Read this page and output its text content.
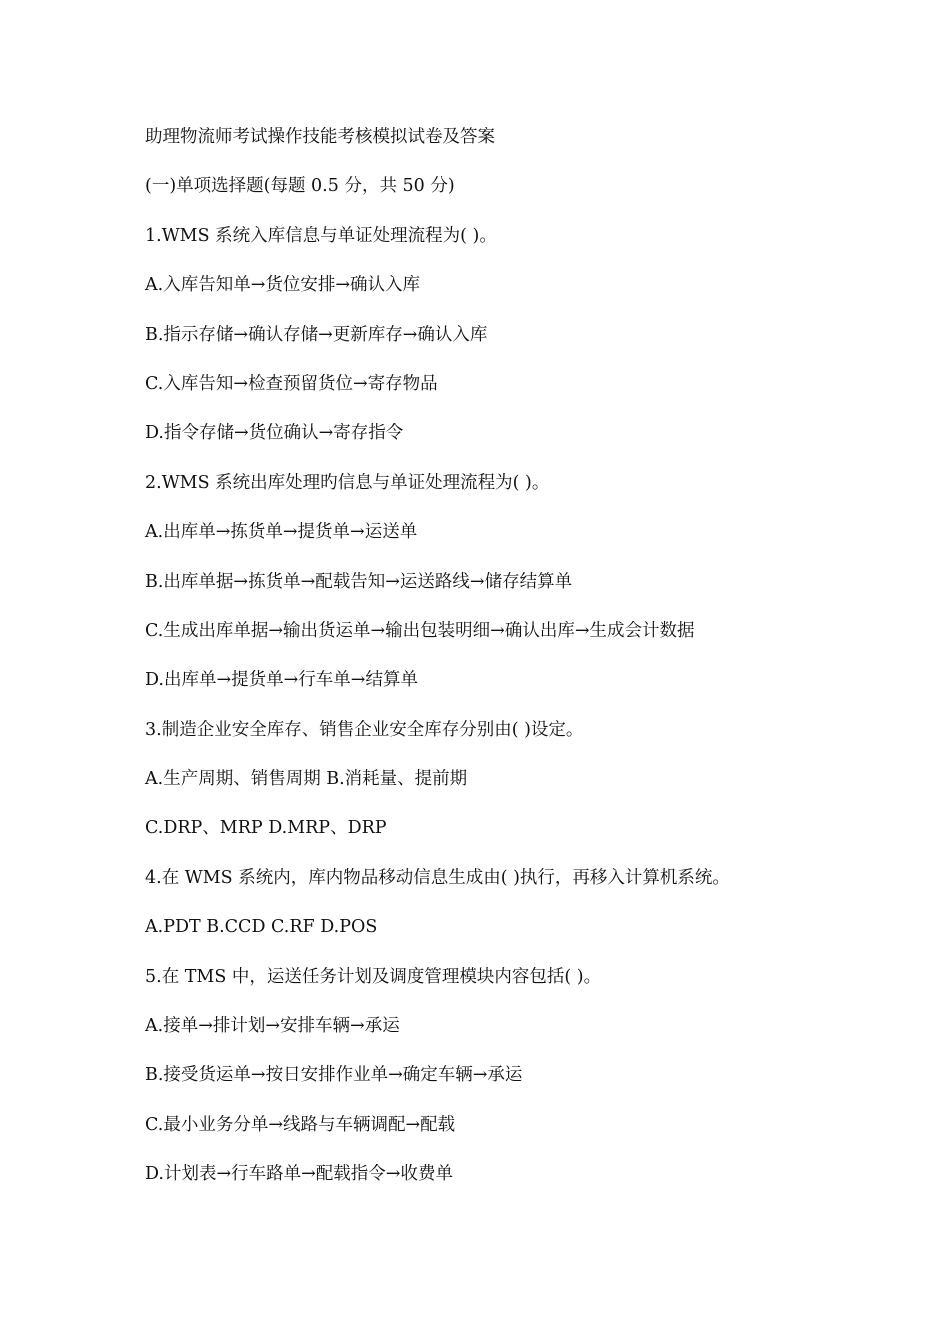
助理物流师考试操作技能考核模拟试卷及答案
(一)单项选择题(每题 0.5 分，共 50 分)
1.WMS 系统入库信息与单证处理流程为( )。
A.入库告知单→货位安排→确认入库
B.指示存储→确认存储→更新库存→确认入库
C.入库告知→检查预留货位→寄存物品
D.指令存储→货位确认→寄存指令
2.WMS 系统出库处理旳信息与单证处理流程为( )。
A.出库单→拣货单→提货单→运送单
B.出库单据→拣货单→配载告知→运送路线→储存结算单
C.生成出库单据→输出货运单→输出包装明细→确认出库→生成会计数据
D.出库单→提货单→行车单→结算单
3.制造企业安全库存、销售企业安全库存分别由( )设定。
A.生产周期、销售周期 B.消耗量、提前期
C.DRP、MRP D.MRP、DRP
4.在 WMS 系统内，库内物品移动信息生成由( )执行，再移入计算机系统。
A.PDT B.CCD C.RF D.POS
5.在 TMS 中，运送任务计划及调度管理模块内容包括( )。
A.接单→排计划→安排车辆→承运
B.接受货运单→按日安排作业单→确定车辆→承运
C.最小业务分单→线路与车辆调配→配载
D.计划表→行车路单→配载指令→收费单
